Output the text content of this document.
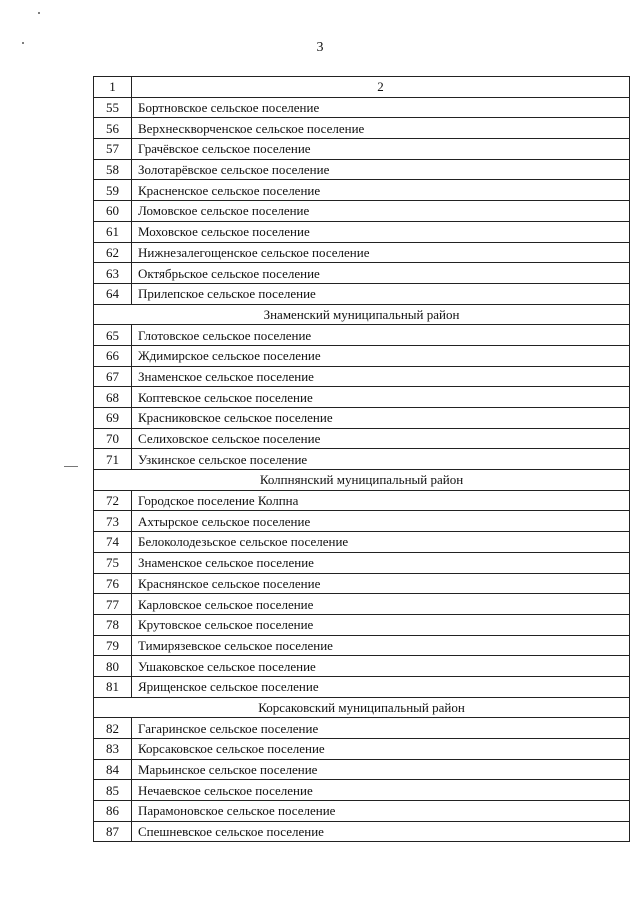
3
1	2
55	Бортновское сельское поселение
56	Верхнескворченское сельское поселение
57	Грачёвское сельское поселение
58	Золотарёвское сельское поселение
59	Красненское сельское поселение
60	Ломовское сельское поселение
61	Моховское сельское поселение
62	Нижнезалегощенское сельское поселение
63	Октябрьское сельское поселение
64	Прилепское сельское поселение
Знаменский муниципальный район	
65	Глотовское сельское поселение
66	Ждимирское сельское поселение
67	Знаменское сельское поселение
68	Коптевское сельское поселение
69	Красниковское сельское поселение
70	Селиховское сельское поселение
71	Узкинское сельское поселение
Колпнянский муниципальный район	
72	Городское поселение Колпна
73	Ахтырское сельское поселение
74	Белоколодезьское сельское поселение
75	Знаменское сельское поселение
76	Краснянское сельское поселение
77	Карловское сельское поселение
78	Крутовское сельское поселение
79	Тимирязевское сельское поселение
80	Ушаковское сельское поселение
81	Ярищенское сельское поселение
Корсаковский муниципальный район	
82	Гагаринское сельское поселение
83	Корсаковское сельское поселение
84	Марьинское сельское поселение
85	Нечаевское сельское поселение
86	Парамоновское сельское поселение
87	Спешневское сельское поселение
